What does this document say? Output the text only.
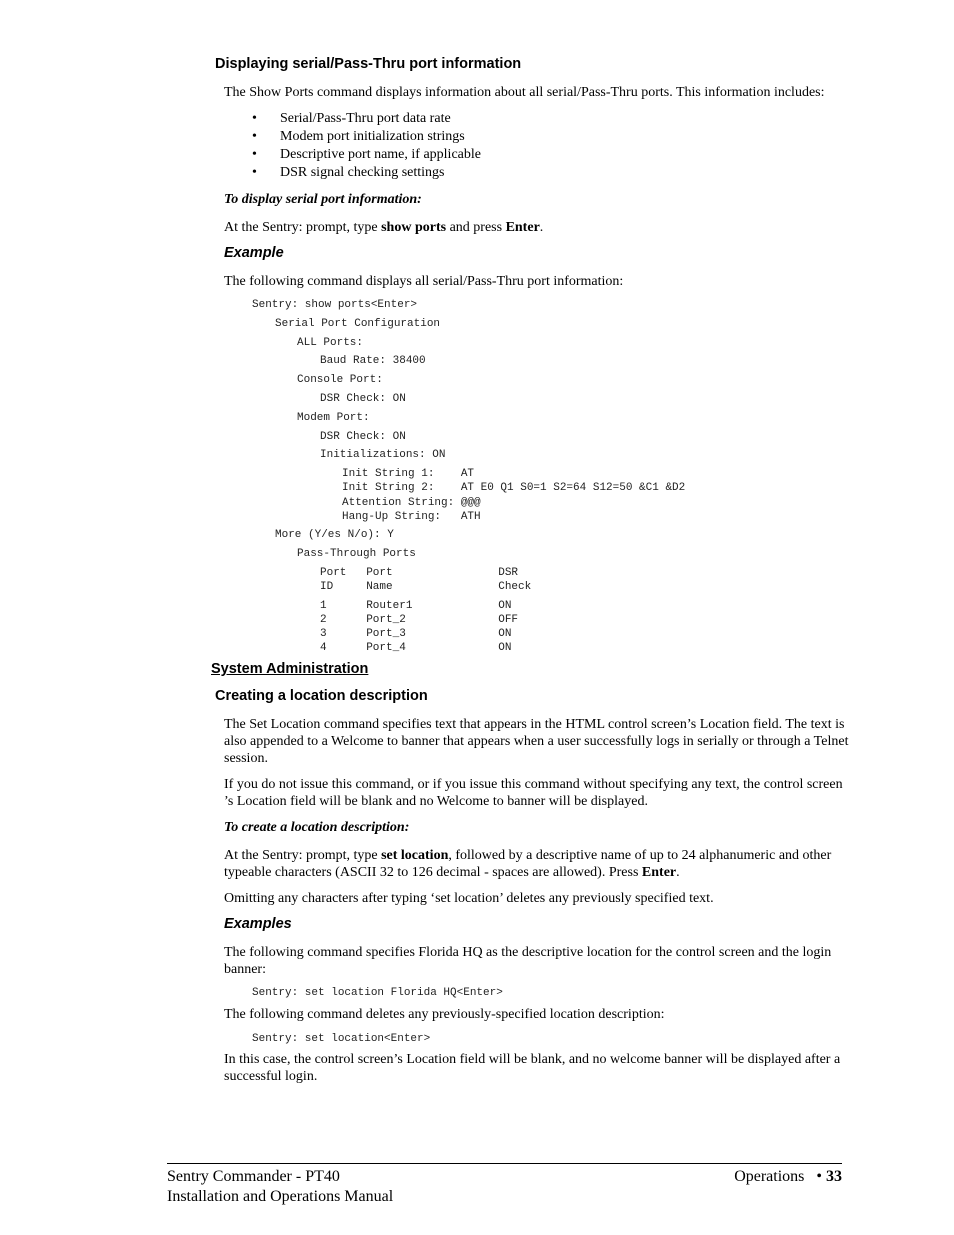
Displaying serial/Pass-Thru port information
The Show Ports command displays information about all serial/Pass-Thru ports. This information includes:
• Serial/Pass-Thru port data rate
• Modem port initialization strings
• Descriptive port name, if applicable
• DSR signal checking settings
To display serial port information:
At the Sentry: prompt, type show ports and press Enter.
Example
The following command displays all serial/Pass-Thru port information:
Sentry: show ports<Enter>
Serial Port Configuration
ALL Ports:
Baud Rate: 38400
Console Port:
DSR Check: ON
Modem Port:
DSR Check: ON
Initializations: ON
Init String 1:    AT
Init String 2:    AT E0 Q1 S0=1 S2=64 S12=50 &C1 &D2
Attention String: @@@
Hang-Up String:   ATH
More (Y/es N/o): Y
Pass-Through Ports
Port   Port                DSR
ID     Name                Check
1      Router1             ON
2      Port_2              OFF
3      Port_3              ON
4      Port_4              ON
System Administration
Creating a location description
The Set Location command specifies text that appears in the HTML control screen’s Location field. The text is also appended to a Welcome to banner that appears when a user successfully logs in serially or through a Telnet session.
If you do not issue this command, or if you issue this command without specifying any text, the control screen ’s Location field will be blank and no Welcome to banner will be displayed.
To create a location description:
At the Sentry: prompt, type set location, followed by a descriptive name of up to 24 alphanumeric and other typeable characters (ASCII 32 to 126 decimal - spaces are allowed). Press Enter.
Omitting any characters after typing ‘set location’ deletes any previously specified text.
Examples
The following command specifies Florida HQ as the descriptive location for the control screen and the login banner:
Sentry: set location Florida HQ<Enter>
The following command deletes any previously-specified location description:
Sentry: set location<Enter>
In this case, the control screen’s Location field will be blank, and no welcome banner will be displayed after a successful login.
Sentry Commander - PT40
Installation and Operations Manual
Operations • 33
